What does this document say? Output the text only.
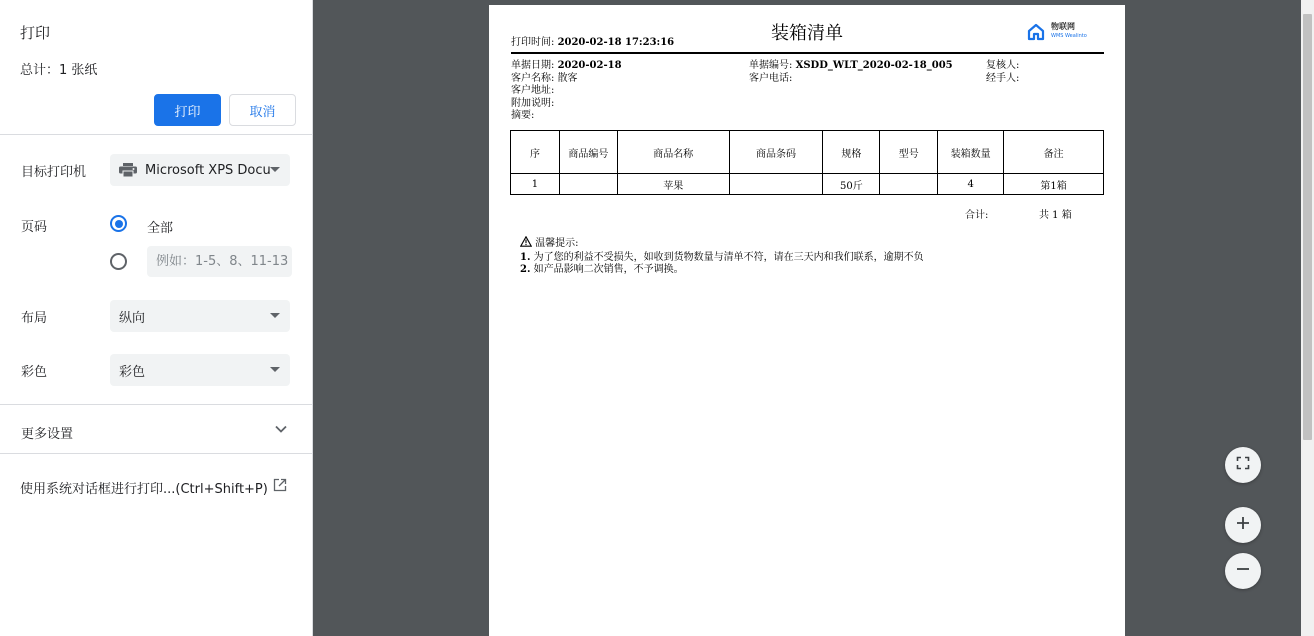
打印
总计：1 张纸
打印	取消
目标打印机	Microsoft XPS Docu
页码	全部
例如：1-5、8、11-13
布局	纵向
彩色	彩色
更多设置
使用系统对话框进行打印...(Ctrl+Shift+P)
装箱清单
打印时间: 2020-02-18 17:23:16
物联网
WMS Wealinto
单据日期: 2020-02-18
客户名称: 散客
客户地址:
附加说明:
摘要:
单据编号: XSDD_WLT_2020-02-18_005
客户电话:
复核人:
经手人:
序	商品编号	商品名称	商品条码	规格	型号	装箱数量	备注
1		苹果		50斤		4	第1箱
合计:	共 1 箱
温馨提示:
1. 为了您的利益不受损失，如收到货物数量与清单不符，请在三天内和我们联系，逾期不负
2. 如产品影响二次销售，不予调换。
